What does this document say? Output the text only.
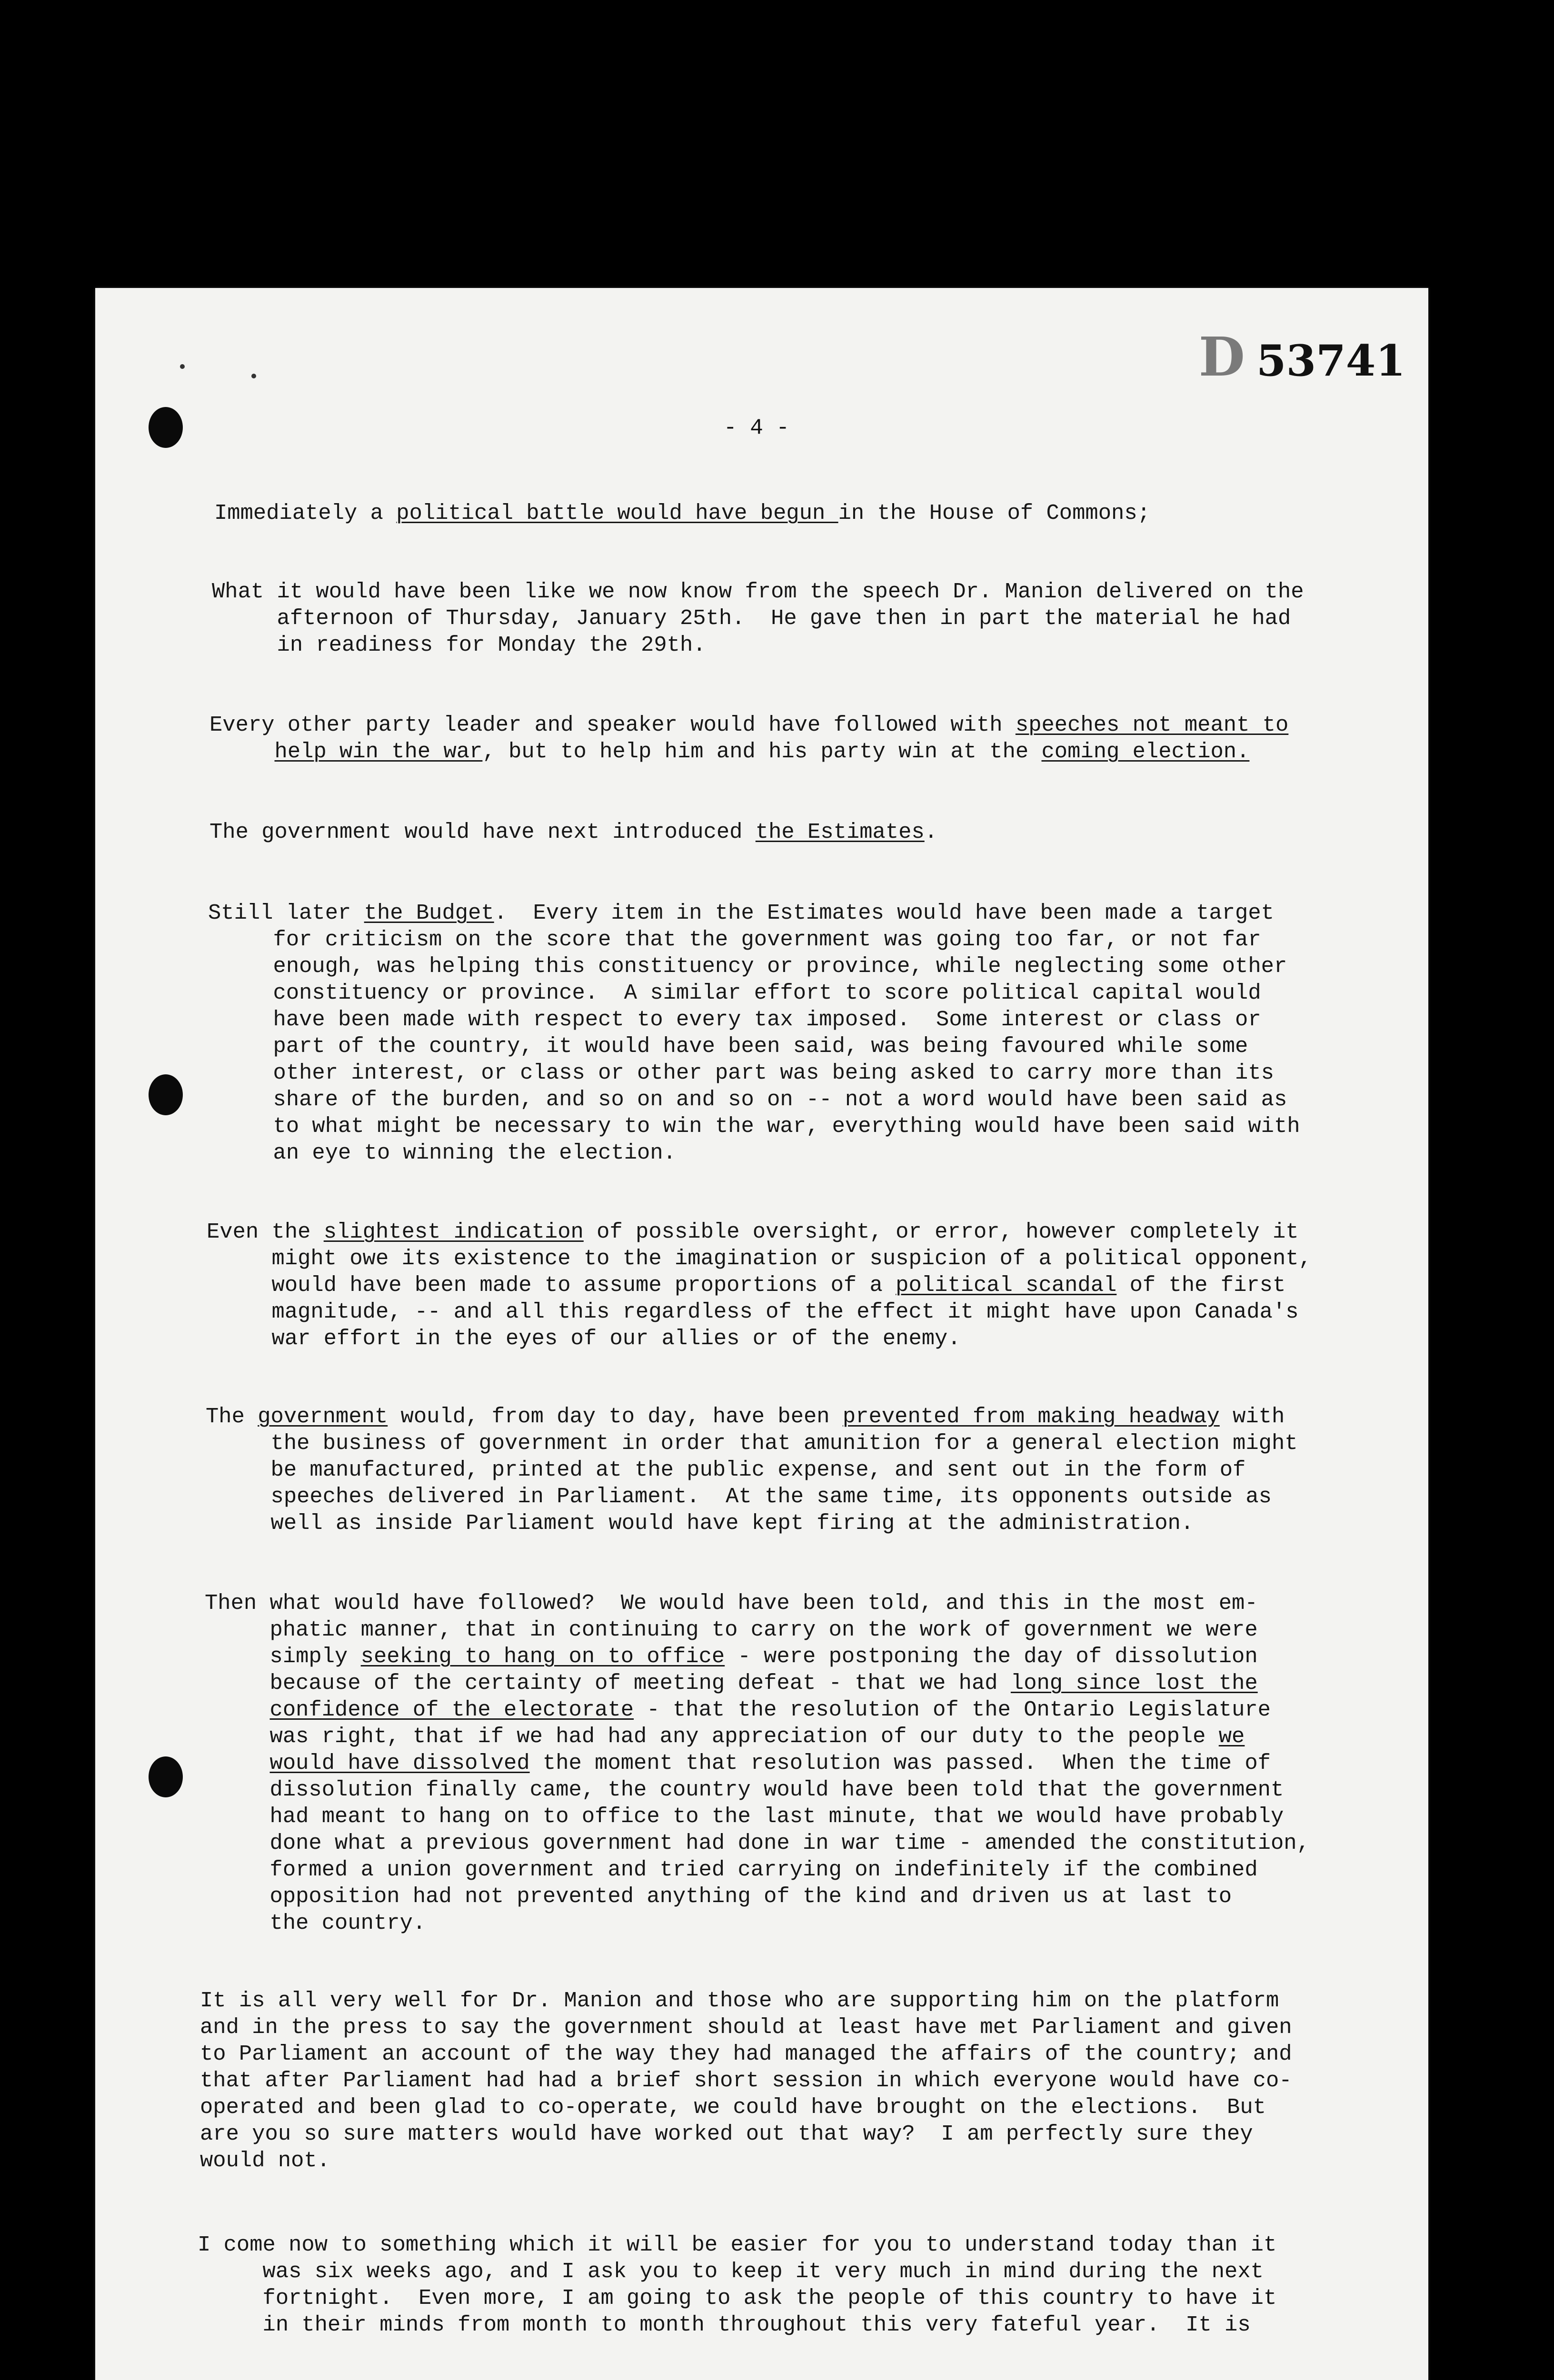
D 53741
- 4 -
Immediately a political battle would have begun in the House of Commons;
What it would have been like we now know from the speech Dr. Manion delivered on the
afternoon of Thursday, January 25th.  He gave then in part the material he had
in readiness for Monday the 29th.
Every other party leader and speaker would have followed with speeches not meant to
help win the war, but to help him and his party win at the coming election.
The government would have next introduced the Estimates.
Still later the Budget.  Every item in the Estimates would have been made a target
for criticism on the score that the government was going too far, or not far
enough, was helping this constituency or province, while neglecting some other
constituency or province.  A similar effort to score political capital would
have been made with respect to every tax imposed.  Some interest or class or
part of the country, it would have been said, was being favoured while some
other interest, or class or other part was being asked to carry more than its
share of the burden, and so on and so on -- not a word would have been said as
to what might be necessary to win the war, everything would have been said with
an eye to winning the election.
Even the slightest indication of possible oversight, or error, however completely it
might owe its existence to the imagination or suspicion of a political opponent,
would have been made to assume proportions of a political scandal of the first
magnitude, -- and all this regardless of the effect it might have upon Canada's
war effort in the eyes of our allies or of the enemy.
The government would, from day to day, have been prevented from making headway with
the business of government in order that amunition for a general election might
be manufactured, printed at the public expense, and sent out in the form of
speeches delivered in Parliament.  At the same time, its opponents outside as
well as inside Parliament would have kept firing at the administration.
Then what would have followed?  We would have been told, and this in the most em-
phatic manner, that in continuing to carry on the work of government we were
simply seeking to hang on to office - were postponing the day of dissolution
because of the certainty of meeting defeat - that we had long since lost the
confidence of the electorate - that the resolution of the Ontario Legislature
was right, that if we had had any appreciation of our duty to the people we
would have dissolved the moment that resolution was passed.  When the time of
dissolution finally came, the country would have been told that the government
had meant to hang on to office to the last minute, that we would have probably
done what a previous government had done in war time - amended the constitution,
formed a union government and tried carrying on indefinitely if the combined
opposition had not prevented anything of the kind and driven us at last to
the country.
It is all very well for Dr. Manion and those who are supporting him on the platform
and in the press to say the government should at least have met Parliament and given
to Parliament an account of the way they had managed the affairs of the country; and
that after Parliament had had a brief short session in which everyone would have co-
operated and been glad to co-operate, we could have brought on the elections.  But
are you so sure matters would have worked out that way?  I am perfectly sure they
would not.
I come now to something which it will be easier for you to understand today than it
was six weeks ago, and I ask you to keep it very much in mind during the next
fortnight.  Even more, I am going to ask the people of this country to have it
in their minds from month to month throughout this very fateful year.  It is
